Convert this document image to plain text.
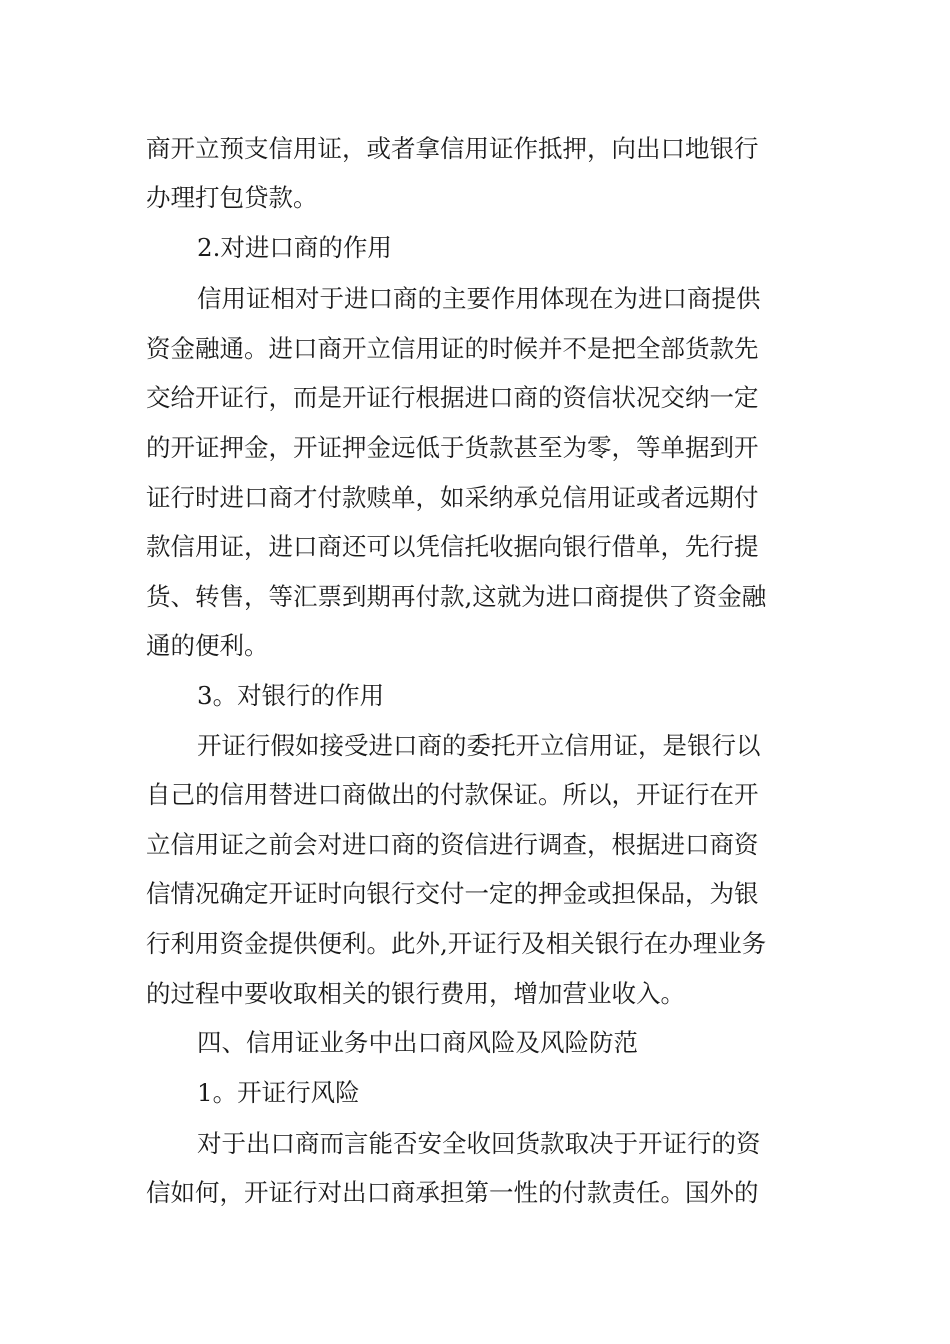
商开立预支信用证，或者拿信用证作抵押，向出口地银行
办理打包贷款。
2.对进口商的作用
信用证相对于进口商的主要作用体现在为进口商提供
资金融通。进口商开立信用证的时候并不是把全部货款先
交给开证行，而是开证行根据进口商的资信状况交纳一定
的开证押金，开证押金远低于货款甚至为零，等单据到开
证行时进口商才付款赎单，如采纳承兑信用证或者远期付
款信用证，进口商还可以凭信托收据向银行借单，先行提
货、转售，等汇票到期再付款,这就为进口商提供了资金融
通的便利。
3。对银行的作用
开证行假如接受进口商的委托开立信用证，是银行以
自己的信用替进口商做出的付款保证。所以，开证行在开
立信用证之前会对进口商的资信进行调查，根据进口商资
信情况确定开证时向银行交付一定的押金或担保品，为银
行利用资金提供便利。此外,开证行及相关银行在办理业务
的过程中要收取相关的银行费用，增加营业收入。
四、信用证业务中出口商风险及风险防范
1。开证行风险
对于出口商而言能否安全收回货款取决于开证行的资
信如何，开证行对出口商承担第一性的付款责任。国外的
